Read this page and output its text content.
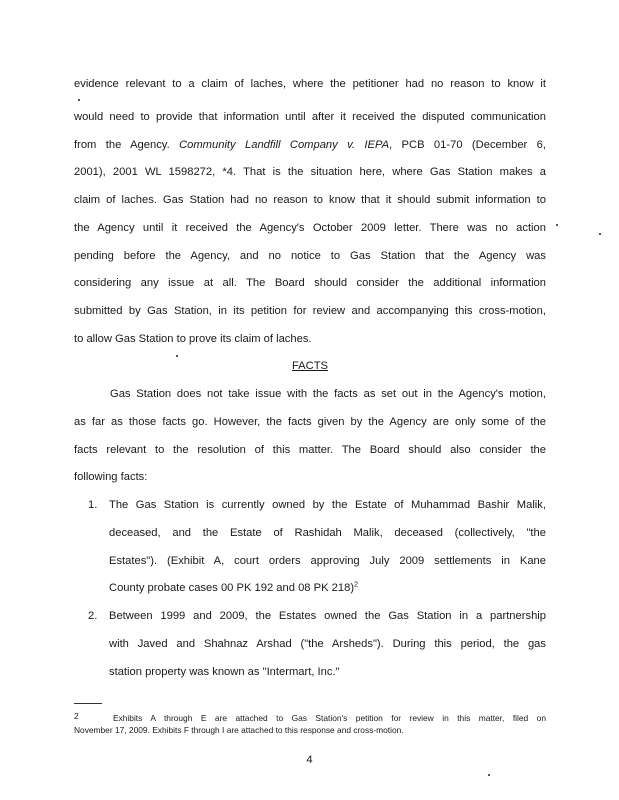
evidence relevant to a claim of laches, where the petitioner had no reason to know it
would need to provide that information until after it received the disputed communication
from the Agency. Community Landfill Company v. IEPA, PCB 01-70 (December 6,
2001), 2001 WL 1598272, *4. That is the situation here, where Gas Station makes a
claim of laches. Gas Station had no reason to know that it should submit information to
the Agency until it received the Agency's October 2009 letter. There was no action
pending before the Agency, and no notice to Gas Station that the Agency was
considering any issue at all. The Board should consider the additional information
submitted by Gas Station, in its petition for review and accompanying this cross-motion,
to allow Gas Station to prove its claim of laches.
FACTS
Gas Station does not take issue with the facts as set out in the Agency's motion,
as far as those facts go. However, the facts given by the Agency are only some of the
facts relevant to the resolution of this matter. The Board should also consider the
following facts:
1. The Gas Station is currently owned by the Estate of Muhammad Bashir Malik,
deceased, and the Estate of Rashidah Malik, deceased (collectively, "the
Estates"). (Exhibit A, court orders approving July 2009 settlements in Kane
County probate cases 00 PK 192 and 08 PK 218)$^2$
2. Between 1999 and 2009, the Estates owned the Gas Station in a partnership
with Javed and Shahnaz Arshad ("the Arsheds"). During this period, the gas
station property was known as "Intermart, Inc."
2	Exhibits A through E are attached to Gas Station's petition for review in this matter, filed on
November 17, 2009. Exhibits F through I are attached to this response and cross-motion.
4
